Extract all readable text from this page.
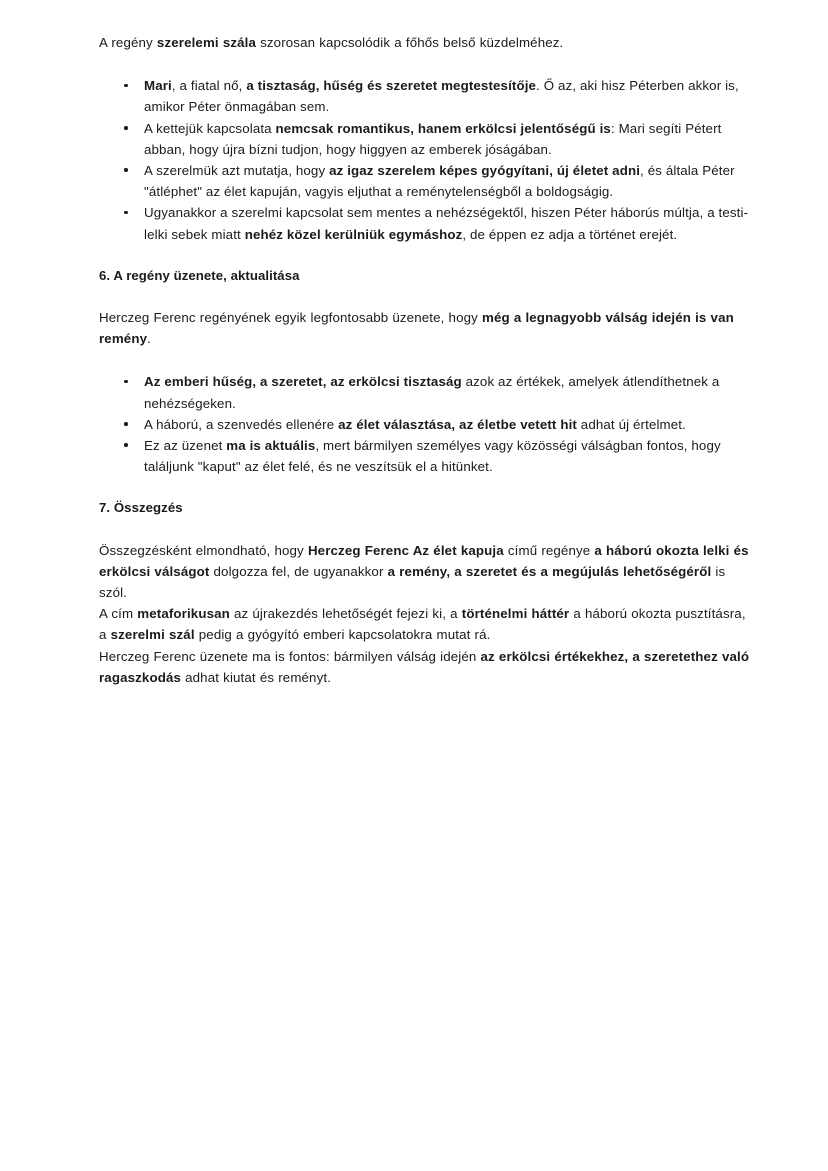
A regény szerelemi szála szorosan kapcsolódik a főhős belső küzdelméhez.

Mari, a fiatal nő, a tisztaság, hűség és szeretet megtestesítője. Ő az, aki hisz Péterben akkor is, amikor Péter önmagában sem.
A kettejük kapcsolata nemcsak romantikus, hanem erkölcsi jelentőségű is: Mari segíti Pétert abban, hogy újra bízni tudjon, hogy higgyen az emberek jóságában.
A szerelmük azt mutatja, hogy az igaz szerelem képes gyógyítani, új életet adni, és általa Péter "átléphet" az élet kapuján, vagyis eljuthat a reménytelenségből a boldogságig.
Ugyanakkor a szerelmi kapcsolat sem mentes a nehézségektől, hiszen Péter háborús múltja, a testi-lelki sebek miatt nehéz közel kerülniük egymáshoz, de éppen ez adja a történet erejét.

6. A regény üzenete, aktualitása

Herczeg Ferenc regényének egyik legfontosabb üzenete, hogy még a legnagyobb válság idején is van remény.

Az emberi hűség, a szeretet, az erkölcsi tisztaság azok az értékek, amelyek átlendíthetnek a nehézségeken.
A háború, a szenvedés ellenére az élet választása, az életbe vetett hit adhat új értelmet.
Ez az üzenet ma is aktuális, mert bármilyen személyes vagy közösségi válságban fontos, hogy találjunk "kaput" az élet felé, és ne veszítsük el a hitünket.

7. Összegzés

Összegzésként elmondható, hogy Herczeg Ferenc Az élet kapuja című regénye a háború okozta lelki és erkölcsi válságot dolgozza fel, de ugyanakkor a remény, a szeretet és a megújulás lehetőségéről is szól.

A cím metaforikusan az újrakezdés lehetőségét fejezi ki, a történelmi háttér a háború okozta pusztításra, a szerelmi szál pedig a gyógyító emberi kapcsolatokra mutat rá.

Herczeg Ferenc üzenete ma is fontos: bármilyen válság idején az erkölcsi értékekhez, a szeretethez való ragaszkodás adhat kiutat és reményt.
